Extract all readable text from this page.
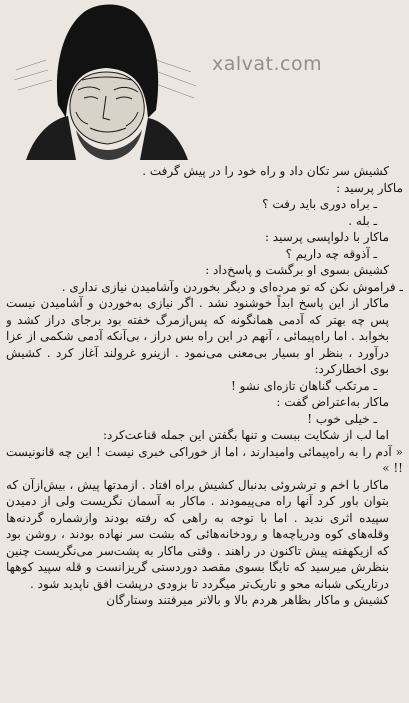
xalvat.com

کشیش سر تکان داد و راه خود را در پیش گرفت .

ماکار پرسید :

ـ براه دوری باید رفت ؟

ـ بله .

ماکار با دلواپسی پرسید :

ـ آذوقه چه داریم ؟

کشیش بسوی او برگشت و پاسخ‌داد :

ـ فراموش نکن که تو مرده‌ای و دیگر بخوردن وآشامیدن نیازی نداری .

ماکار از این پاسخ ابداً خوشنود نشد . اگر نیازی به‌خوردن و آشامیدن نیست پس چه بهتر که آدمی همانگونه که پس‌ازمرگ خفته بود برجای دراز کشد و بخوابد . اما راه‌پیمائی ، آنهم در این راه بس دراز ، بی‌آنکه آدمی شکمی از عزا درآورد ، بنظر او بسیار بی‌معنی می‌نمود . ازینرو غرولند آغاز کرد . کشیش بوی اخطارکرد:

ـ مرتکب گناهان تازه‌ای نشو !

ماکار به‌اعتراض گفت :

ـ خیلی خوب !

اما لب از شکایت ببست و تنها بگفتن این جمله قناعت‌کرد:

« آدم را به راه‌پیمائی وامیدارند ، اما از خوراکی خبری نیست ! این چه قانونیست !! »

ماکار با اخم و ترشروئی بدنبال کشیش براه افتاد . ازمدتها پیش ، بیش‌ازآن که بتوان باور کرد آنها راه می‌پیمودند . ماکار به آسمان نگریست ولی از دمیدن سپیده اثری ندید . اما با توجه به راهی که رفته بودند وازشماره گردنه‌ها وقله‌های کوه ودریاچه‌ها و رودخانه‌هائی که بشت سر نهاده بودند ، روشن بود که ازیکهفته پیش تاکنون در راهند . وقتی ماکار به پشت‌سر می‌نگریست چنین بنظرش میرسید که تایگا بسوی مقصد دوردستی گریزانست و قله سپید کوهها درتاریکی شبانه محو و تاریک‌تر میگردد تا بزودی درپشت افق ناپدید شود .

کشیش و ماکار بظاهر هردم بالا و بالاتر میرفتند وستارگان
